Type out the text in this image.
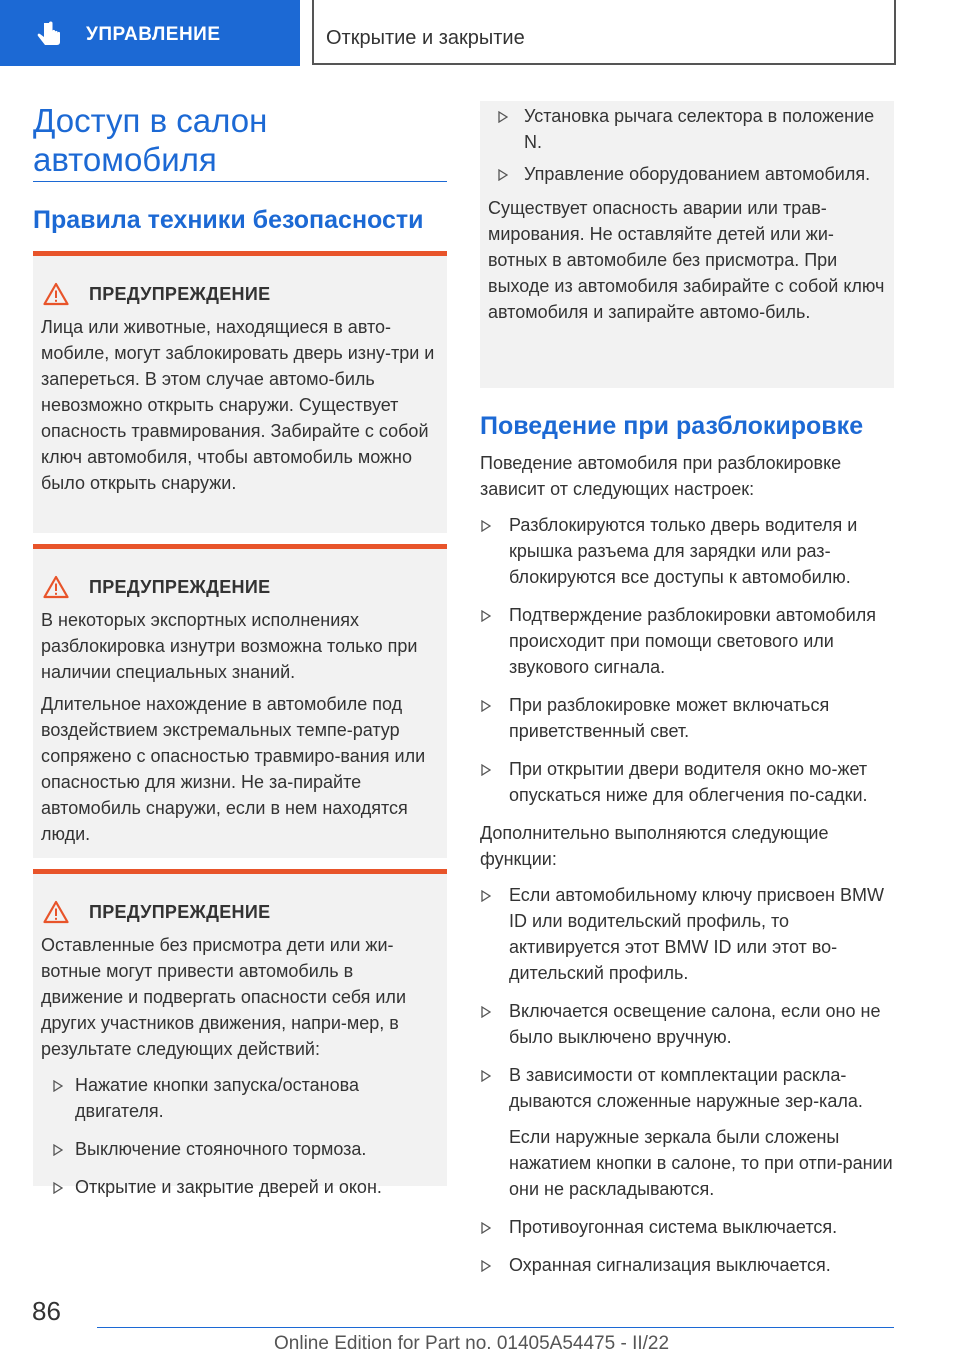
УПРАВЛЕНИЕ	Открытие и закрытие
Доступ в салон автомобиля
Правила техники безопасности
ПРЕДУПРЕЖДЕНИЕ

Лица или животные, находящиеся в авто-мобиле, могут заблокировать дверь изну-три и запереться. В этом случае автомо-биль невозможно открыть снаружи. Существует опасность травмирования. Забирайте с собой ключ автомобиля, чтобы автомобиль можно было открыть снаружи.

ПРЕДУПРЕЖДЕНИЕ

В некоторых экспортных исполнениях разблокировка изнутри возможна только при наличии специальных знаний.

Длительное нахождение в автомобиле под воздействием экстремальных темпе-ратур сопряжено с опасностью травмиро-вания или опасностью для жизни. Не за-пирайте автомобиль снаружи, если в нем находятся люди.

ПРЕДУПРЕЖДЕНИЕ

Оставленные без присмотра дети или жи-вотные могут привести автомобиль в движение и подвергать опасности себя или других участников движения, напри-мер, в результате следующих действий:

Нажатие кнопки запуска/останова двигателя.
Выключение стояночного тормоза.
Открытие и закрытие дверей и окон.
Установка рычага селектора в положение N.
Управление оборудованием автомобиля.

Существует опасность аварии или трав-мирования. Не оставляйте детей или жи-вотных в автомобиле без присмотра. При выходе из автомобиля забирайте с собой ключ автомобиля и запирайте автомо-биль.

Поведение при разблокировке

Поведение автомобиля при разблокировке зависит от следующих настроек:

Разблокируются только дверь водителя и крышка разъема для зарядки или раз-блокируются все доступы к автомобилю.
Подтверждение разблокировки автомобиля происходит при помощи светового или звукового сигнала.
При разблокировке может включаться приветственный свет.
При открытии двери водителя окно мо-жет опускаться ниже для облегчения по-садки.

Дополнительно выполняются следующие функции:

Если автомобильному ключу присвоен BMW ID или водительский профиль, то активируется этот BMW ID или этот во-дительский профиль.
Включается освещение салона, если оно не было выключено вручную.
В зависимости от комплектации раскла-дываются сложенные наружные зер-кала.

Если наружные зеркала были сложены нажатием кнопки в салоне, то при отпи-рании они не раскладываются.

Противоугонная система выключается.
Охранная сигнализация выключается.
86
Online Edition for Part no. 01405A54475 - II/22
